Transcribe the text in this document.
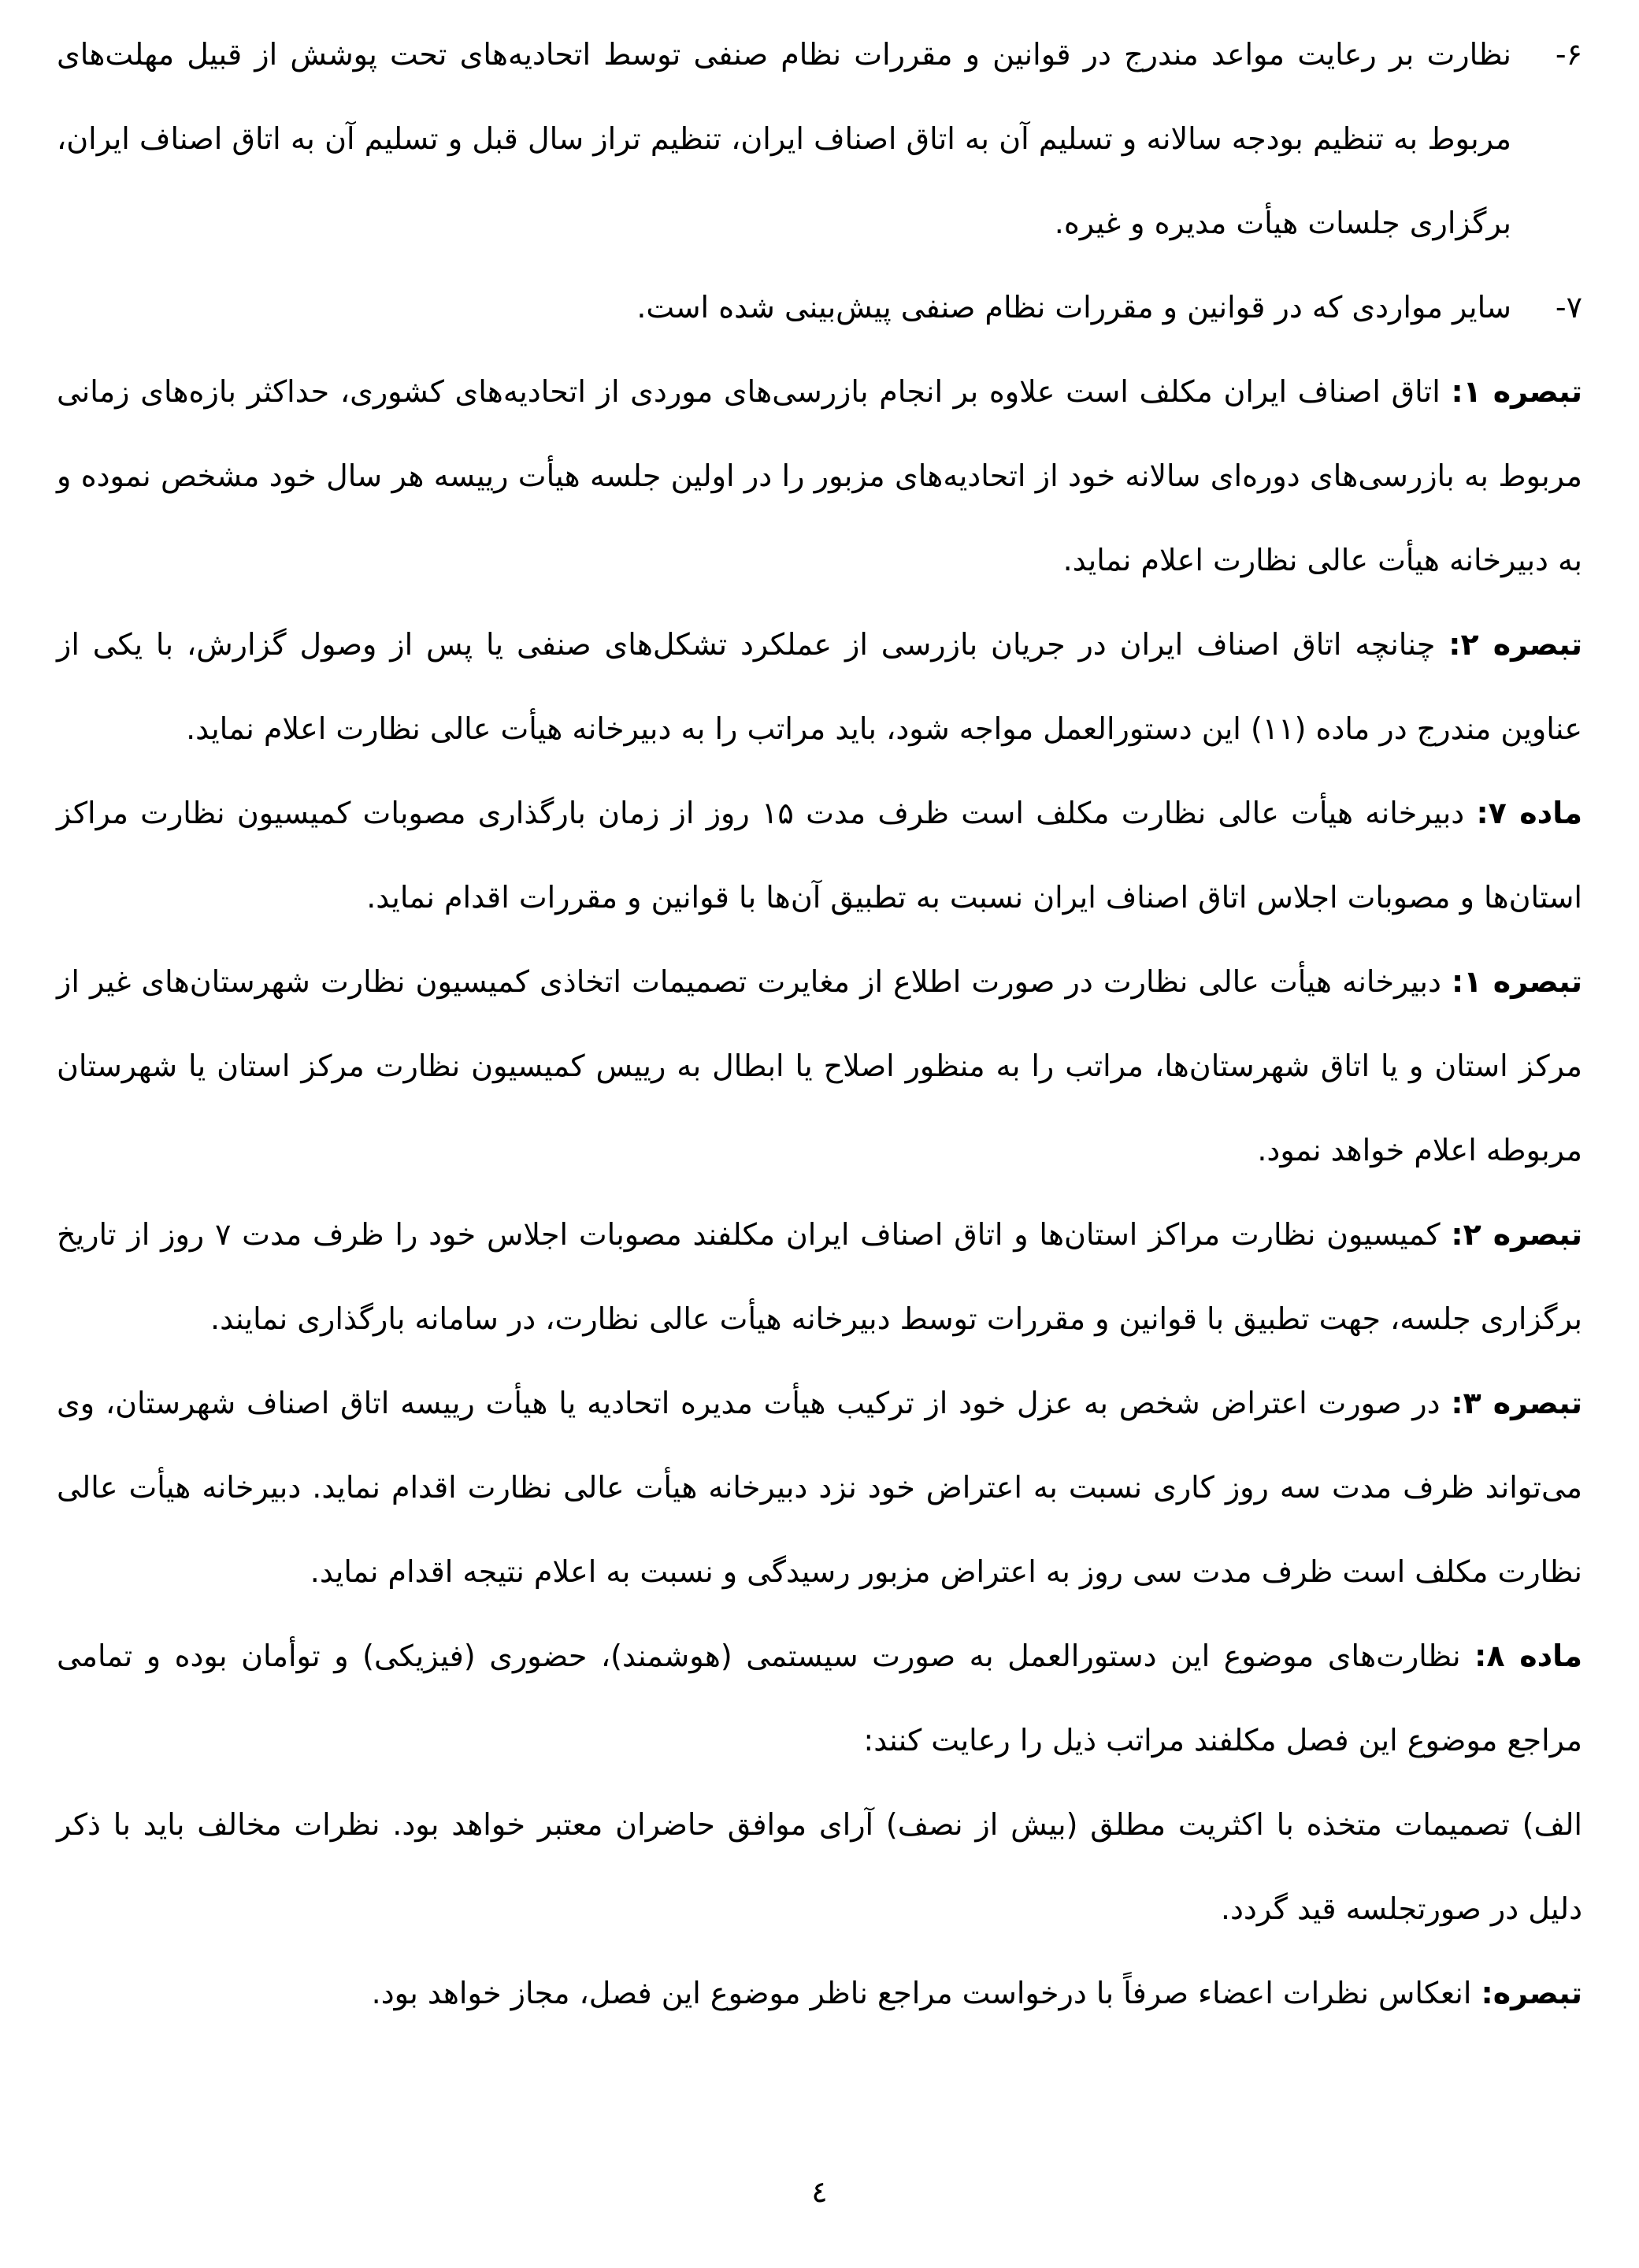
۶-نظارت بر رعایت مواعد مندرج در قوانین و مقررات نظام صنفی توسط اتحادیه‌های تحت پوشش از قبیل مهلت‌های مربوط به تنظیم بودجه سالانه و تسلیم آن به اتاق اصناف ایران، تنظیم تراز سال قبل و تسلیم آن به اتاق اصناف ایران، برگزاری جلسات هیأت مدیره و غیره.

۷-سایر مواردی که در قوانین و مقررات نظام صنفی پیش‌بینی شده است.

تبصره ۱: اتاق اصناف ایران مکلف است علاوه بر انجام بازرسی‌های موردی از اتحادیه‌های کشوری، حداکثر بازه‌های زمانی مربوط به بازرسی‌های دوره‌ای سالانه خود از اتحادیه‌های مزبور را در اولین جلسه هیأت رییسه هر سال خود مشخص نموده و به دبیرخانه هیأت عالی نظارت اعلام نماید.

تبصره ۲: چنانچه اتاق اصناف ایران در جریان بازرسی از عملکرد تشکل‌های صنفی یا پس از وصول گزارش، با یکی از عناوین مندرج در ماده (۱۱) این دستورالعمل مواجه شود، باید مراتب را به دبیرخانه هیأت عالی نظارت اعلام نماید.

ماده ۷: دبیرخانه هیأت عالی نظارت مکلف است ظرف مدت ۱۵ روز از زمان بارگذاری مصوبات کمیسیون نظارت مراکز استان‌ها و مصوبات اجلاس اتاق اصناف ایران نسبت به تطبیق آن‌ها با قوانین و مقررات اقدام نماید.

تبصره ۱: دبیرخانه هیأت عالی نظارت در صورت اطلاع از مغایرت تصمیمات اتخاذی کمیسیون نظارت شهرستان‌های غیر از مرکز استان و یا اتاق شهرستان‌ها، مراتب را به منظور اصلاح یا ابطال به رییس کمیسیون نظارت مرکز استان یا شهرستان مربوطه اعلام خواهد نمود.

تبصره ۲: کمیسیون نظارت مراکز استان‌ها و اتاق اصناف ایران مکلفند مصوبات اجلاس خود را ظرف مدت ۷ روز از تاریخ برگزاری جلسه، جهت تطبیق با قوانین و مقررات توسط دبیرخانه هیأت عالی نظارت، در سامانه بارگذاری نمایند.

تبصره ۳: در صورت اعتراض شخص به عزل خود از ترکیب هیأت مدیره اتحادیه یا هیأت رییسه اتاق اصناف شهرستان، وی می‌تواند ظرف مدت سه روز کاری نسبت به اعتراض خود نزد دبیرخانه هیأت عالی نظارت اقدام نماید. دبیرخانه هیأت عالی نظارت مکلف است ظرف مدت سی روز به اعتراض مزبور رسیدگی و نسبت به اعلام نتیجه اقدام نماید.

ماده ۸: نظارت‌های موضوع این دستورالعمل به صورت سیستمی (هوشمند)، حضوری (فیزیکی) و توأمان بوده و تمامی مراجع موضوع این فصل مکلفند مراتب ذیل را رعایت کنند:

الف) تصمیمات متخذه با اکثریت مطلق (بیش از نصف) آرای موافق حاضران معتبر خواهد بود. نظرات مخالف باید با ذکر دلیل در صورتجلسه قید گردد.

تبصره: انعکاس نظرات اعضاء صرفاً با درخواست مراجع ناظر موضوع این فصل، مجاز خواهد بود.

٤
